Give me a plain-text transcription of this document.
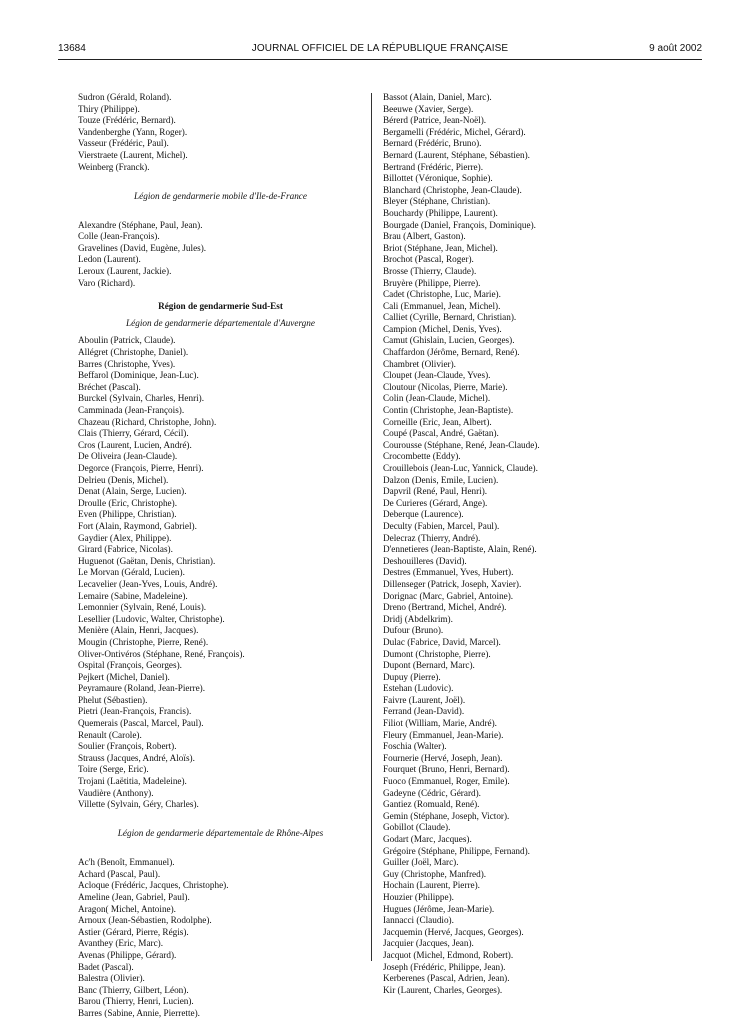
13684	JOURNAL OFFICIEL DE LA RÉPUBLIQUE FRANÇAISE	9 août 2002
Sudron (Gérald, Roland).
Thiry (Philippe).
Touze (Frédéric, Bernard).
Vandenberghe (Yann, Roger).
Vasseur (Frédéric, Paul).
Vierstraete (Laurent, Michel).
Weinberg (Franck).
Légion de gendarmerie mobile d'Ile-de-France
Alexandre (Stéphane, Paul, Jean).
Colle (Jean-François).
Gravelines (David, Eugène, Jules).
Ledon (Laurent).
Leroux (Laurent, Jackie).
Varo (Richard).
Région de gendarmerie Sud-Est
Légion de gendarmerie départementale d'Auvergne
Aboulin (Patrick, Claude).
Allégret (Christophe, Daniel).
Barres (Christophe, Yves).
Beffarol (Dominique, Jean-Luc).
Bréchet (Pascal).
Burckel (Sylvain, Charles, Henri).
Camminada (Jean-François).
Chazeau (Richard, Christophe, John).
Clais (Thierry, Gérard, Cécil).
Cros (Laurent, Lucien, André).
De Oliveira (Jean-Claude).
Degorce (François, Pierre, Henri).
Delrieu (Denis, Michel).
Denat (Alain, Serge, Lucien).
Droulle (Eric, Christophe).
Even (Philippe, Christian).
Fort (Alain, Raymond, Gabriel).
Gaydier (Alex, Philippe).
Girard (Fabrice, Nicolas).
Huguenot (Gaëtan, Denis, Christian).
Le Morvan (Gérald, Lucien).
Lecavelier (Jean-Yves, Louis, André).
Lemaire (Sabine, Madeleine).
Lemonnier (Sylvain, René, Louis).
Lesellier (Ludovic, Walter, Christophe).
Menière (Alain, Henri, Jacques).
Mougin (Christophe, Pierre, René).
Oliver-Ontivéros (Stéphane, René, François).
Ospital (François, Georges).
Pejkert (Michel, Daniel).
Peyramaure (Roland, Jean-Pierre).
Phelut (Sébastien).
Pietri (Jean-François, Francis).
Quemerais (Pascal, Marcel, Paul).
Renault (Carole).
Soulier (François, Robert).
Strauss (Jacques, André, Aloïs).
Toire (Serge, Eric).
Trojani (Laëtitia, Madeleine).
Vaudière (Anthony).
Villette (Sylvain, Géry, Charles).
Légion de gendarmerie départementale de Rhône-Alpes
Ac'h (Benoît, Emmanuel).
Achard (Pascal, Paul).
Acloque (Frédéric, Jacques, Christophe).
Ameline (Jean, Gabriel, Paul).
Aragon( Michel, Antoine).
Arnoux (Jean-Sébastien, Rodolphe).
Astier (Gérard, Pierre, Régis).
Avanthey (Eric, Marc).
Avenas (Philippe, Gérard).
Badet (Pascal).
Balestra (Olivier).
Banc (Thierry, Gilbert, Léon).
Barou (Thierry, Henri, Lucien).
Barres (Sabine, Annie, Pierrette).
Bassot (Alain, Daniel, Marc).
Beeuwe (Xavier, Serge).
Bérerd (Patrice, Jean-Noël).
Bergamelli (Frédéric, Michel, Gérard).
Bernard (Frédéric, Bruno).
Bernard (Laurent, Stéphane, Sébastien).
Bertrand (Frédéric, Pierre).
Billottet (Véronique, Sophie).
Blanchard (Christophe, Jean-Claude).
Bleyer (Stéphane, Christian).
Bouchardy (Philippe, Laurent).
Bourgade (Daniel, François, Dominique).
Brau (Albert, Gaston).
Briot (Stéphane, Jean, Michel).
Brochot (Pascal, Roger).
Brosse (Thierry, Claude).
Bruyère (Philippe, Pierre).
Cadet (Christophe, Luc, Marie).
Cali (Emmanuel, Jean, Michel).
Calliet (Cyrille, Bernard, Christian).
Campion (Michel, Denis, Yves).
Camut (Ghislain, Lucien, Georges).
Chaffardon (Jérôme, Bernard, René).
Chambret (Olivier).
Cloupet (Jean-Claude, Yves).
Cloutour (Nicolas, Pierre, Marie).
Colin (Jean-Claude, Michel).
Contin (Christophe, Jean-Baptiste).
Corneille (Eric, Jean, Albert).
Coupé (Pascal, André, Gaëtan).
Courousse (Stéphane, René, Jean-Claude).
Crocombette (Eddy).
Crouillebois (Jean-Luc, Yannick, Claude).
Dalzon (Denis, Emile, Lucien).
Dapvril (René, Paul, Henri).
De Curieres (Gérard, Ange).
Deberque (Laurence).
Deculty (Fabien, Marcel, Paul).
Delecraz (Thierry, André).
D'ennetieres (Jean-Baptiste, Alain, René).
Deshouilleres (David).
Destres (Emmanuel, Yves, Hubert).
Dillenseger (Patrick, Joseph, Xavier).
Dorignac (Marc, Gabriel, Antoine).
Dreno (Bertrand, Michel, André).
Dridj (Abdelkrim).
Dufour (Bruno).
Dulac (Fabrice, David, Marcel).
Dumont (Christophe, Pierre).
Dupont (Bernard, Marc).
Dupuy (Pierre).
Estehan (Ludovic).
Faivre (Laurent, Joël).
Ferrand (Jean-David).
Filiot (William, Marie, André).
Fleury (Emmanuel, Jean-Marie).
Foschia (Walter).
Fournerie (Hervé, Joseph, Jean).
Fourquet (Bruno, Henri, Bernard).
Fuoco (Emmanuel, Roger, Emile).
Gadeyne (Cédric, Gérard).
Gantiez (Romuald, René).
Gemin (Stéphane, Joseph, Victor).
Gobillot (Claude).
Godart (Marc, Jacques).
Grégoire (Stéphane, Philippe, Fernand).
Guiller (Joël, Marc).
Guy (Christophe, Manfred).
Hochain (Laurent, Pierre).
Houzier (Philippe).
Hugues (Jérôme, Jean-Marie).
Iannacci (Claudio).
Jacquemin (Hervé, Jacques, Georges).
Jacquier (Jacques, Jean).
Jacquot (Michel, Edmond, Robert).
Joseph (Frédéric, Philippe, Jean).
Kerberenes (Pascal, Adrien, Jean).
Kir (Laurent, Charles, Georges).
